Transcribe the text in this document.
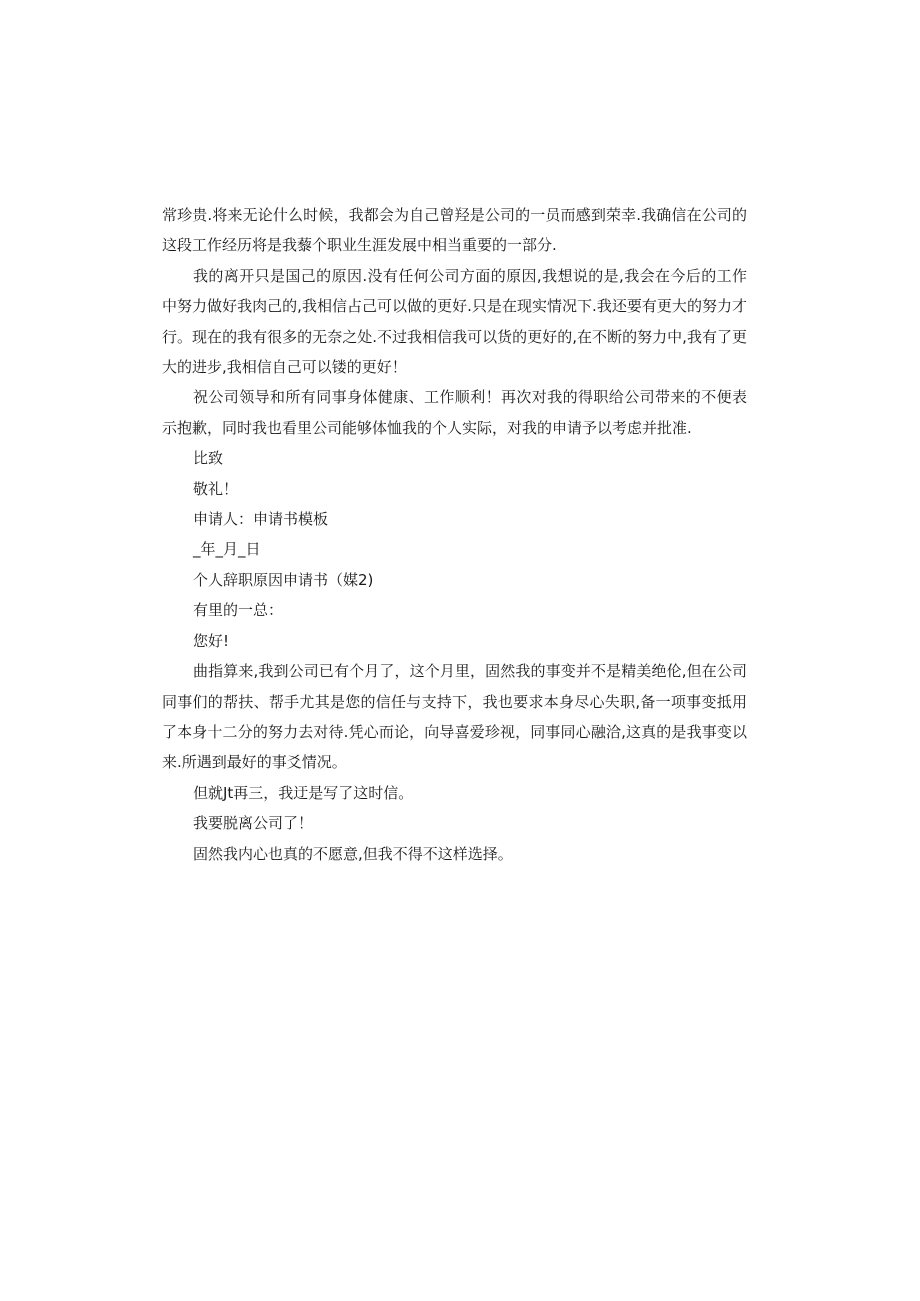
常珍贵.将来无论什么时候，我都会为自己曾羟是公司的一员而感到荣幸.我确信在公司的这段工作经历将是我藜个职业生涯发展中相当重要的一部分.

我的离开只是国己的原因.没有任何公司方面的原因,我想说的是,我会在今后的工作中努力做好我肉己的,我相信占己可以做的更好.只是在现实情况下.我还要有更大的努力才行。现在的我有很多的无奈之处.不过我相信我可以货的更好的,在不断的努力中,我有了更大的进步,我相信自己可以镂的更好！

祝公司领导和所有同事身体健康、工作顺利！再次对我的得职给公司带来的不便表示抱歉，同时我也看里公司能够体恤我的个人实际，对我的申请予以考虑并批准.

比致

敬礼！

申请人：申请书模板

_年_月_日

个人辞职原因申请书（媒2)

有里的一总：

您好!

曲指算来,我到公司已有个月了，这个月里，固然我的事变并不是精美绝伦,但在公司同事们的帮扶、帮手尤其是您的信任与支持下，我也要求本身尽心失职,备一项事变抵用了本身十二分的努力去对待.凭心而论，向导喜爱珍视，同事同心融洽,这真的是我事变以来.所遇到最好的事爻情况。

但就Jt再三，我迂是写了这时信。

我要脱离公司了！

固然我内心也真的不愿意,但我不得不这样选择。
